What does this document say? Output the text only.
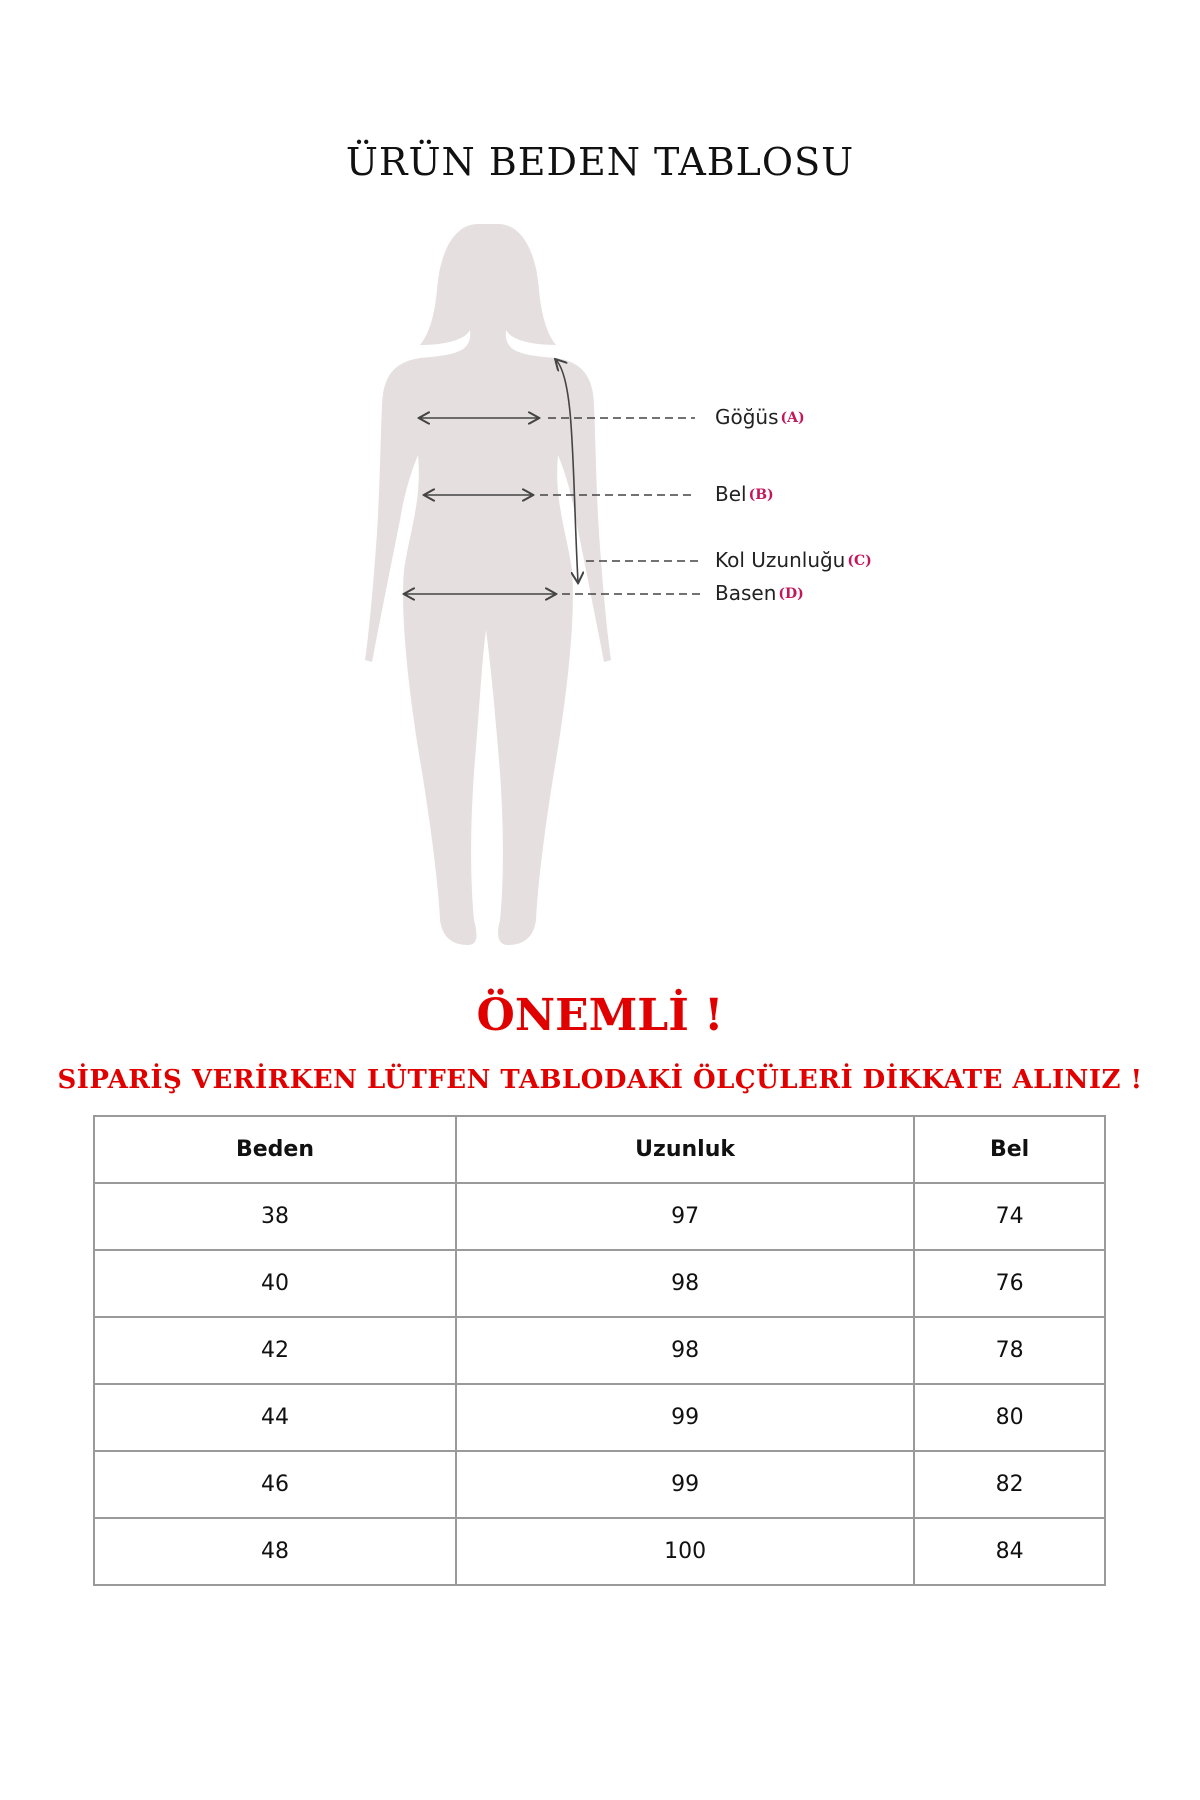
ÜRÜN BEDEN TABLOSU
Göğüs (A)
Bel (B)
Kol Uzunluğu (C)
Basen (D)
ÖNEMLİ !
SİPARİŞ VERİRKEN LÜTFEN TABLODAKİ ÖLÇÜLERİ DİKKATE ALINIZ !
Beden	Uzunluk	Bel
38	97	74
40	98	76
42	98	78
44	99	80
46	99	82
48	100	84
